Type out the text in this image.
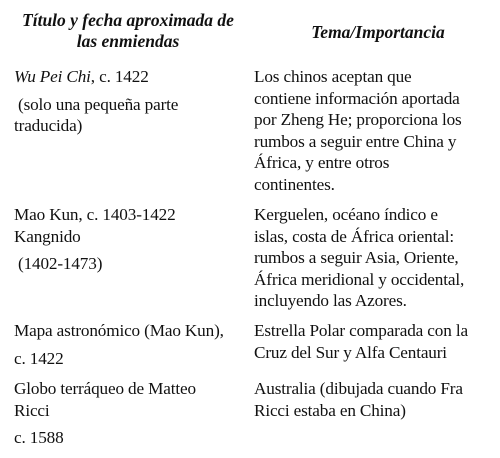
Título y fecha aproximada de
las enmiendas	Tema/Importancia
Wu Pei Chi, c. 1422
(solo una pequeña parte
traducida)
Los chinos aceptan que
contiene información aportada
por Zheng He; proporciona los
rumbos a seguir entre China y
África, y entre otros
continentes.
Mao Kun, c. 1403-1422
Kangnido
(1402-1473)
Kerguelen, océano índico e
islas, costa de África oriental:
rumbos a seguir Asia, Oriente,
África meridional y occidental,
incluyendo las Azores.
Mapa astronómico (Mao Kun),
c. 1422
Estrella Polar comparada con la
Cruz del Sur y Alfa Centauri
Globo terráqueo de Matteo
Ricci
c. 1588
Australia (dibujada cuando Fra
Ricci estaba en China)
